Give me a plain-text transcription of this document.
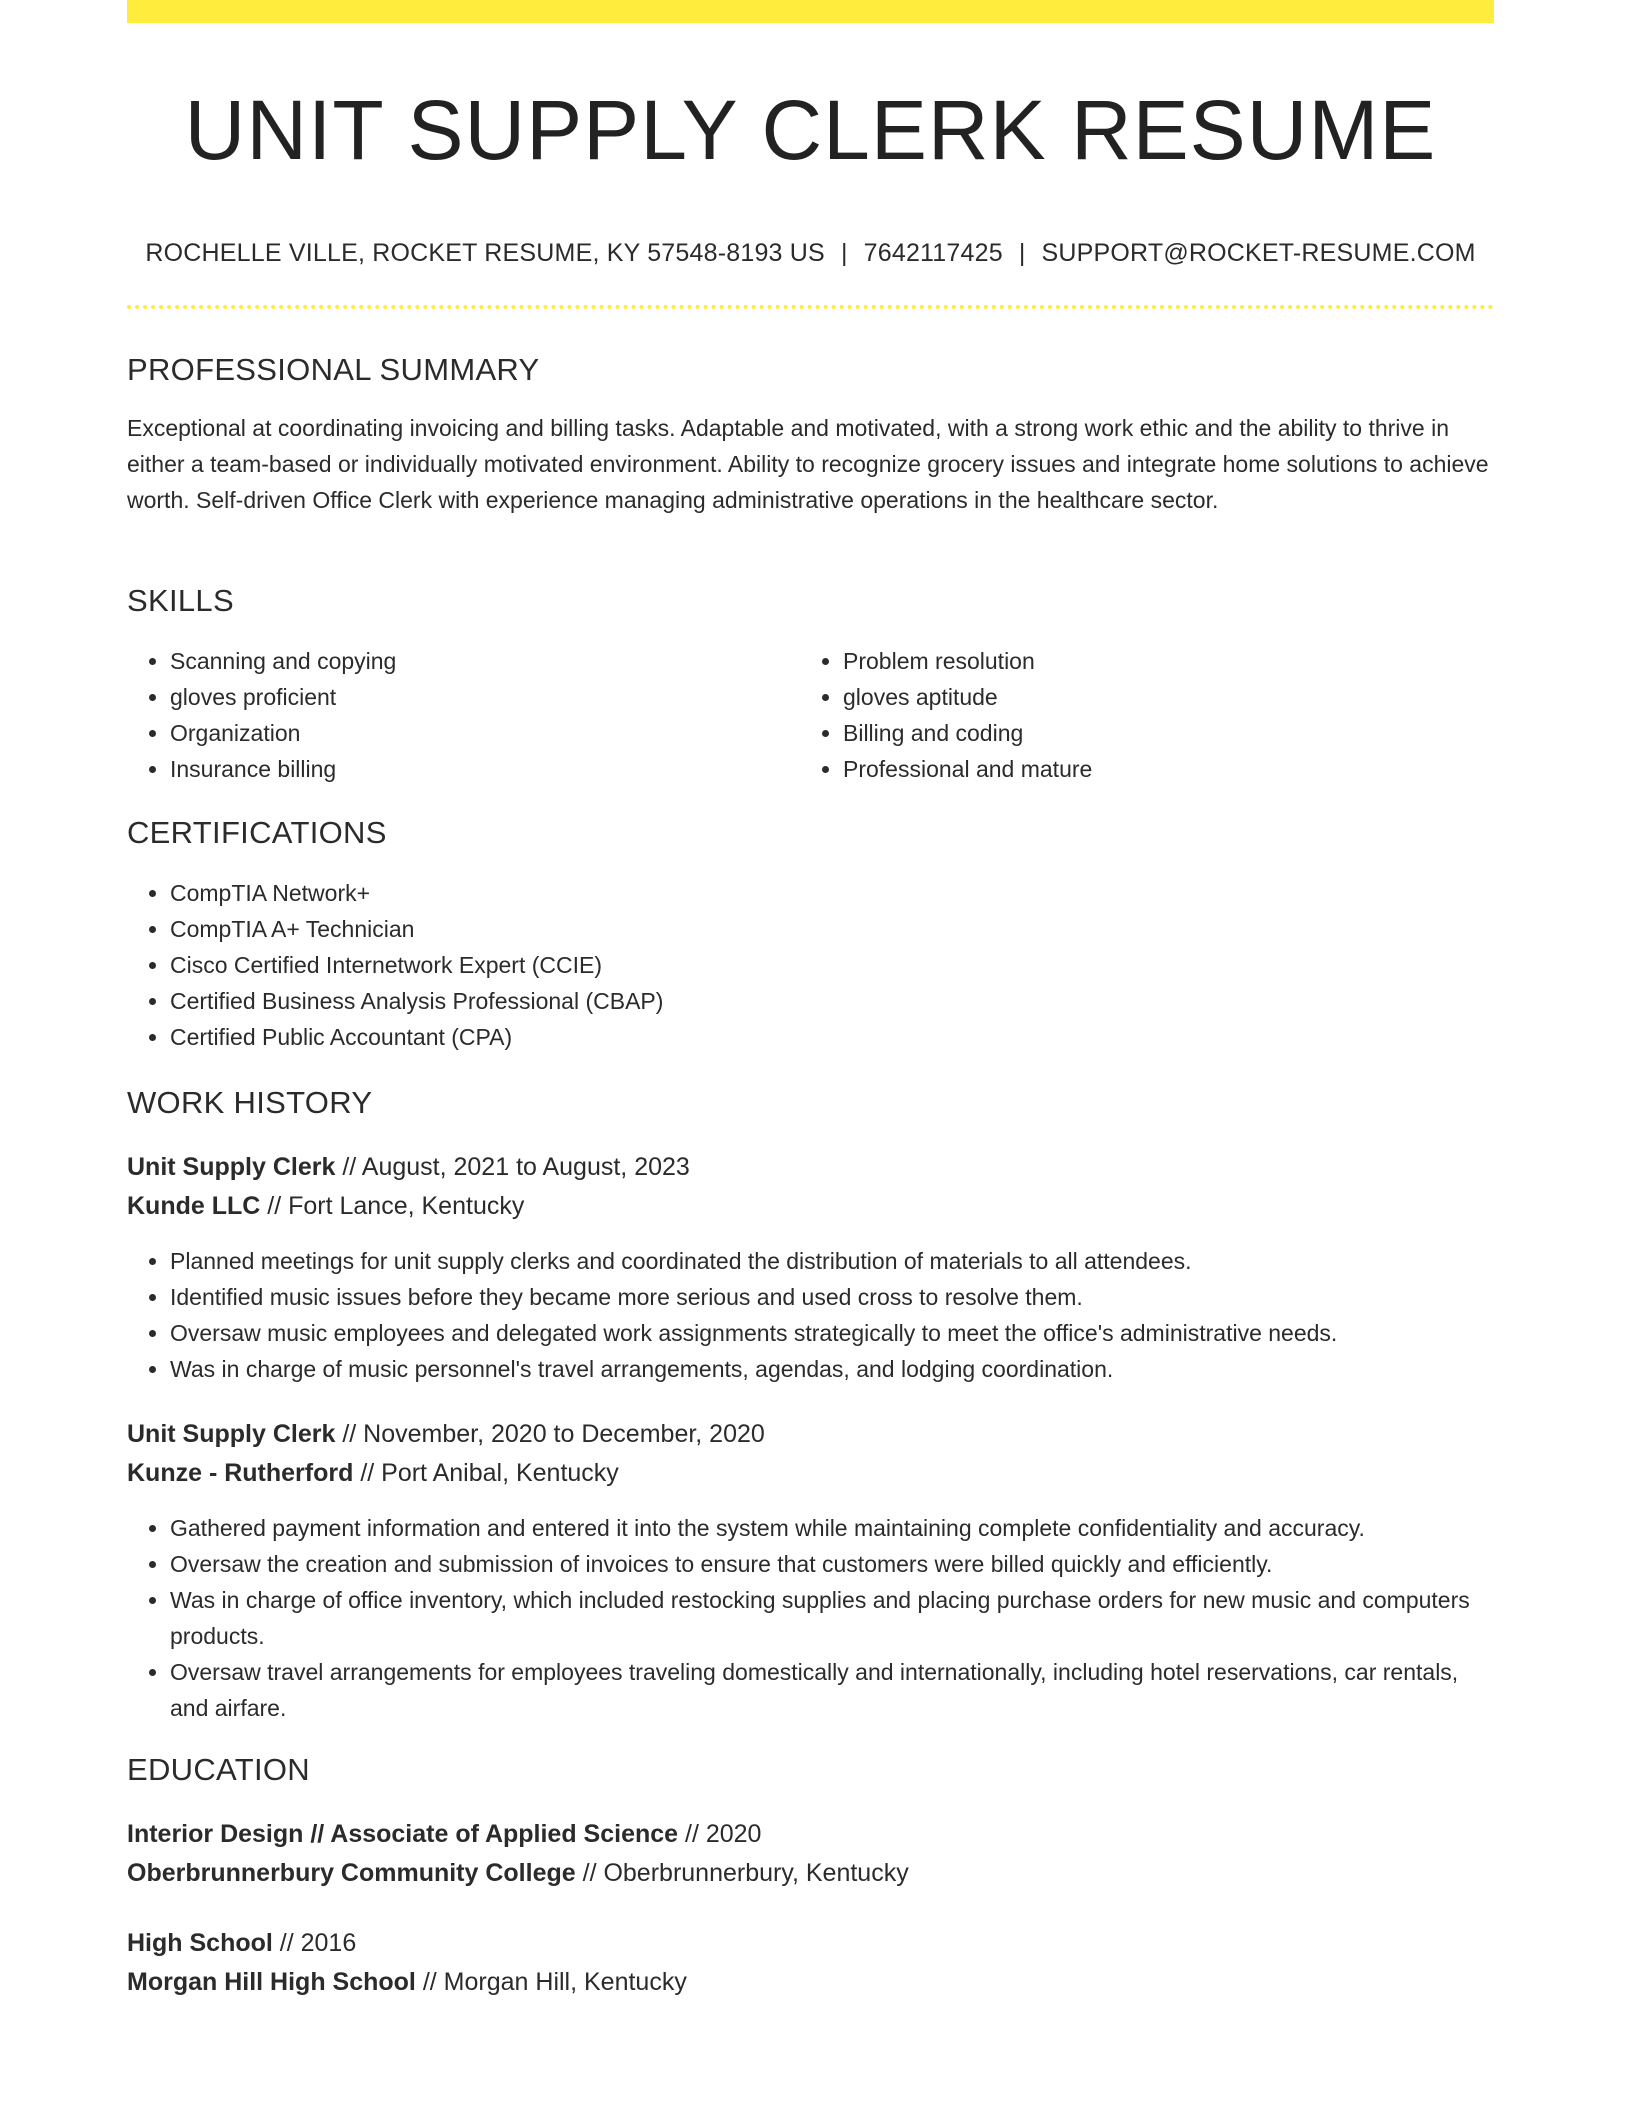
UNIT SUPPLY CLERK RESUME
ROCHELLE VILLE, ROCKET RESUME, KY 57548-8193 US | 7642117425 | SUPPORT@ROCKET-RESUME.COM
PROFESSIONAL SUMMARY
Exceptional at coordinating invoicing and billing tasks. Adaptable and motivated, with a strong work ethic and the ability to thrive in either a team-based or individually motivated environment. Ability to recognize grocery issues and integrate home solutions to achieve worth. Self-driven Office Clerk with experience managing administrative operations in the healthcare sector.
SKILLS
• Scanning and copying
• gloves proficient
• Organization
• Insurance billing
• Problem resolution
• gloves aptitude
• Billing and coding
• Professional and mature
CERTIFICATIONS
• CompTIA Network+
• CompTIA A+ Technician
• Cisco Certified Internetwork Expert (CCIE)
• Certified Business Analysis Professional (CBAP)
• Certified Public Accountant (CPA)
WORK HISTORY
Unit Supply Clerk // August, 2021 to August, 2023
Kunde LLC // Fort Lance, Kentucky
• Planned meetings for unit supply clerks and coordinated the distribution of materials to all attendees.
• Identified music issues before they became more serious and used cross to resolve them.
• Oversaw music employees and delegated work assignments strategically to meet the office's administrative needs.
• Was in charge of music personnel's travel arrangements, agendas, and lodging coordination.
Unit Supply Clerk // November, 2020 to December, 2020
Kunze - Rutherford // Port Anibal, Kentucky
• Gathered payment information and entered it into the system while maintaining complete confidentiality and accuracy.
• Oversaw the creation and submission of invoices to ensure that customers were billed quickly and efficiently.
• Was in charge of office inventory, which included restocking supplies and placing purchase orders for new music and computers products.
• Oversaw travel arrangements for employees traveling domestically and internationally, including hotel reservations, car rentals, and airfare.
EDUCATION
Interior Design // Associate of Applied Science // 2020
Oberbrunnerbury Community College // Oberbrunnerbury, Kentucky
High School // 2016
Morgan Hill High School // Morgan Hill, Kentucky
